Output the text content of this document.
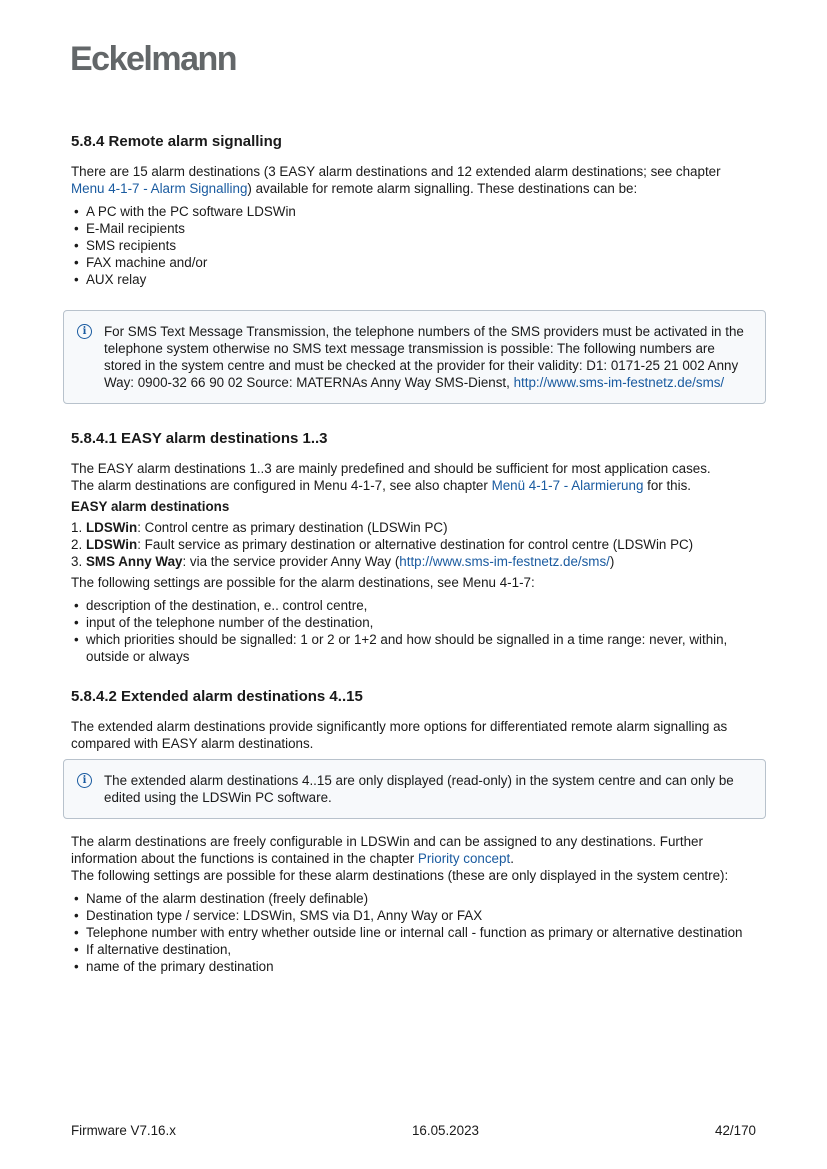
Eckelmann
5.8.4 Remote alarm signalling

There are 15 alarm destinations (3 EASY alarm destinations and 12 extended alarm destinations; see chapter Menu 4-1-7 - Alarm Signalling) available for remote alarm signalling. These destinations can be:

• A PC with the PC software LDSWin
• E-Mail recipients
• SMS recipients
• FAX machine and/or
• AUX relay
i	For SMS Text Message Transmission, the telephone numbers of the SMS providers must be activated in the telephone system otherwise no SMS text message transmission is possible: The following numbers are stored in the system centre and must be checked at the provider for their validity: D1: 0171-25 21 002 Anny Way: 0900-32 66 90 02 Source: MATERNAs Anny Way SMS-Dienst, http://www.sms-im-festnetz.de/sms/

5.8.4.1 EASY alarm destinations 1..3

The EASY alarm destinations 1..3 are mainly predefined and should be sufficient for most application cases.

The alarm destinations are configured in Menu 4-1-7, see also chapter Menü 4-1-7 - Alarmierung for this.

EASY alarm destinations

1. LDSWin: Control centre as primary destination (LDSWin PC)
2. LDSWin: Fault service as primary destination or alternative destination for control centre (LDSWin PC)
3. SMS Anny Way: via the service provider Anny Way (http://www.sms-im-festnetz.de/sms/)

The following settings are possible for the alarm destinations, see Menu 4-1-7:

• description of the destination, e.. control centre,
• input of the telephone number of the destination,
• which priorities should be signalled: 1 or 2 or 1+2 and how should be signalled in a time range: never, within, outside or always
5.8.4.2 Extended alarm destinations 4..15

The extended alarm destinations provide significantly more options for differentiated remote alarm signalling as compared with EASY alarm destinations.

i	The extended alarm destinations 4..15 are only displayed (read-only) in the system centre and can only be edited using the LDSWin PC software.

The alarm destinations are freely configurable in LDSWin and can be assigned to any destinations. Further information about the functions is contained in the chapter Priority concept.

The following settings are possible for these alarm destinations (these are only displayed in the system centre):

• Name of the alarm destination (freely definable)
• Destination type / service: LDSWin, SMS via D1, Anny Way or FAX
• Telephone number with entry whether outside line or internal call - function as primary or alternative destination
• If alternative destination,
• name of the primary destination
Firmware V7.16.x	16.05.2023	42/170
